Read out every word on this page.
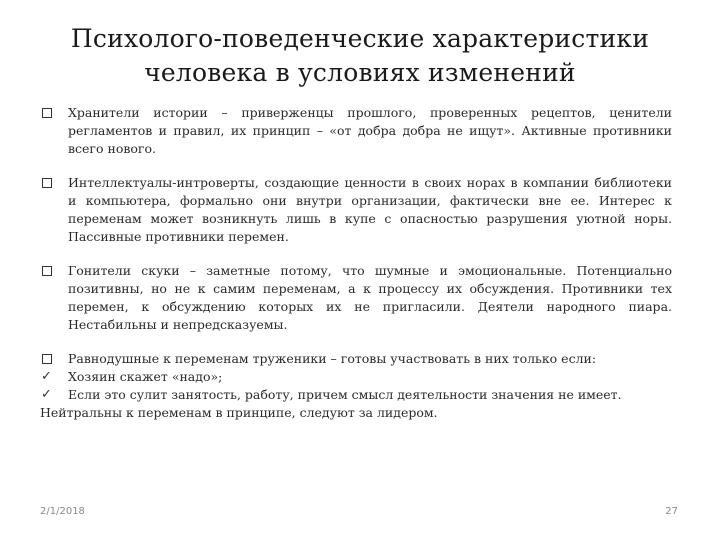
Психолого-поведенческие характеристики
человека в условиях изменений
Хранители истории – приверженцы прошлого, проверенных рецептов, ценители регламентов и правил, их принцип – «от добра добра не ищут». Активные противники всего нового.
Интеллектуалы-интроверты, создающие ценности в своих норах в компании библиотеки и компьютера, формально они внутри организации, фактически вне ее. Интерес к переменам может возникнуть лишь в купе с опасностью разрушения уютной норы. Пассивные противники перемен.
Гонители скуки – заметные потому, что шумные и эмоциональные. Потенциально позитивны, но не к самим переменам, а к процессу их обсуждения. Противники тех перемен, к обсуждению которых их не пригласили. Деятели народного пиара. Нестабильны и непредсказуемы.
Равнодушные к переменам труженики – готовы участвовать в них только если:
✓ Хозяин скажет «надо»;
✓ Если это сулит занятость, работу, причем смысл деятельности значения не имеет.
Нейтральны к переменам в принципе, следуют за лидером.
2/1/2018	27
